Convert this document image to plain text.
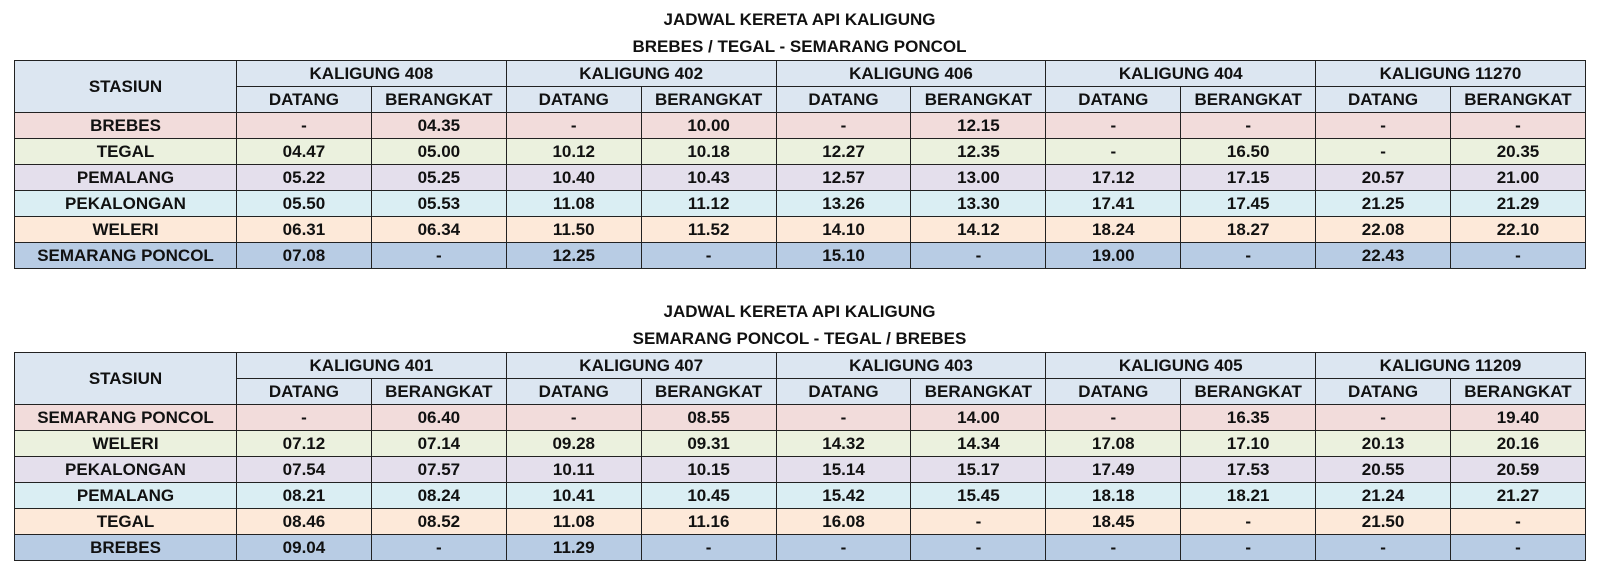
JADWAL KERETA API KALIGUNG
BREBES / TEGAL - SEMARANG PONCOL
STASIUN	KALIGUNG 408		KALIGUNG 402		KALIGUNG 406		KALIGUNG 404		KALIGUNG 11270	
	DATANG	BERANGKAT	DATANG	BERANGKAT	DATANG	BERANGKAT	DATANG	BERANGKAT	DATANG	BERANGKAT
BREBES	-	04.35	-	10.00	-	12.15	-	-	-	-
TEGAL	04.47	05.00	10.12	10.18	12.27	12.35	-	16.50	-	20.35
PEMALANG	05.22	05.25	10.40	10.43	12.57	13.00	17.12	17.15	20.57	21.00
PEKALONGAN	05.50	05.53	11.08	11.12	13.26	13.30	17.41	17.45	21.25	21.29
WELERI	06.31	06.34	11.50	11.52	14.10	14.12	18.24	18.27	22.08	22.10
SEMARANG PONCOL	07.08	-	12.25	-	15.10	-	19.00	-	22.43	-
JADWAL KERETA API KALIGUNG
SEMARANG PONCOL - TEGAL / BREBES
STASIUN	KALIGUNG 401		KALIGUNG 407		KALIGUNG 403		KALIGUNG 405		KALIGUNG 11209	
	DATANG	BERANGKAT	DATANG	BERANGKAT	DATANG	BERANGKAT	DATANG	BERANGKAT	DATANG	BERANGKAT
SEMARANG PONCOL	-	06.40	-	08.55	-	14.00	-	16.35	-	19.40
WELERI	07.12	07.14	09.28	09.31	14.32	14.34	17.08	17.10	20.13	20.16
PEKALONGAN	07.54	07.57	10.11	10.15	15.14	15.17	17.49	17.53	20.55	20.59
PEMALANG	08.21	08.24	10.41	10.45	15.42	15.45	18.18	18.21	21.24	21.27
TEGAL	08.46	08.52	11.08	11.16	16.08	-	18.45	-	21.50	-
BREBES	09.04	-	11.29	-	-	-	-	-	-	-
